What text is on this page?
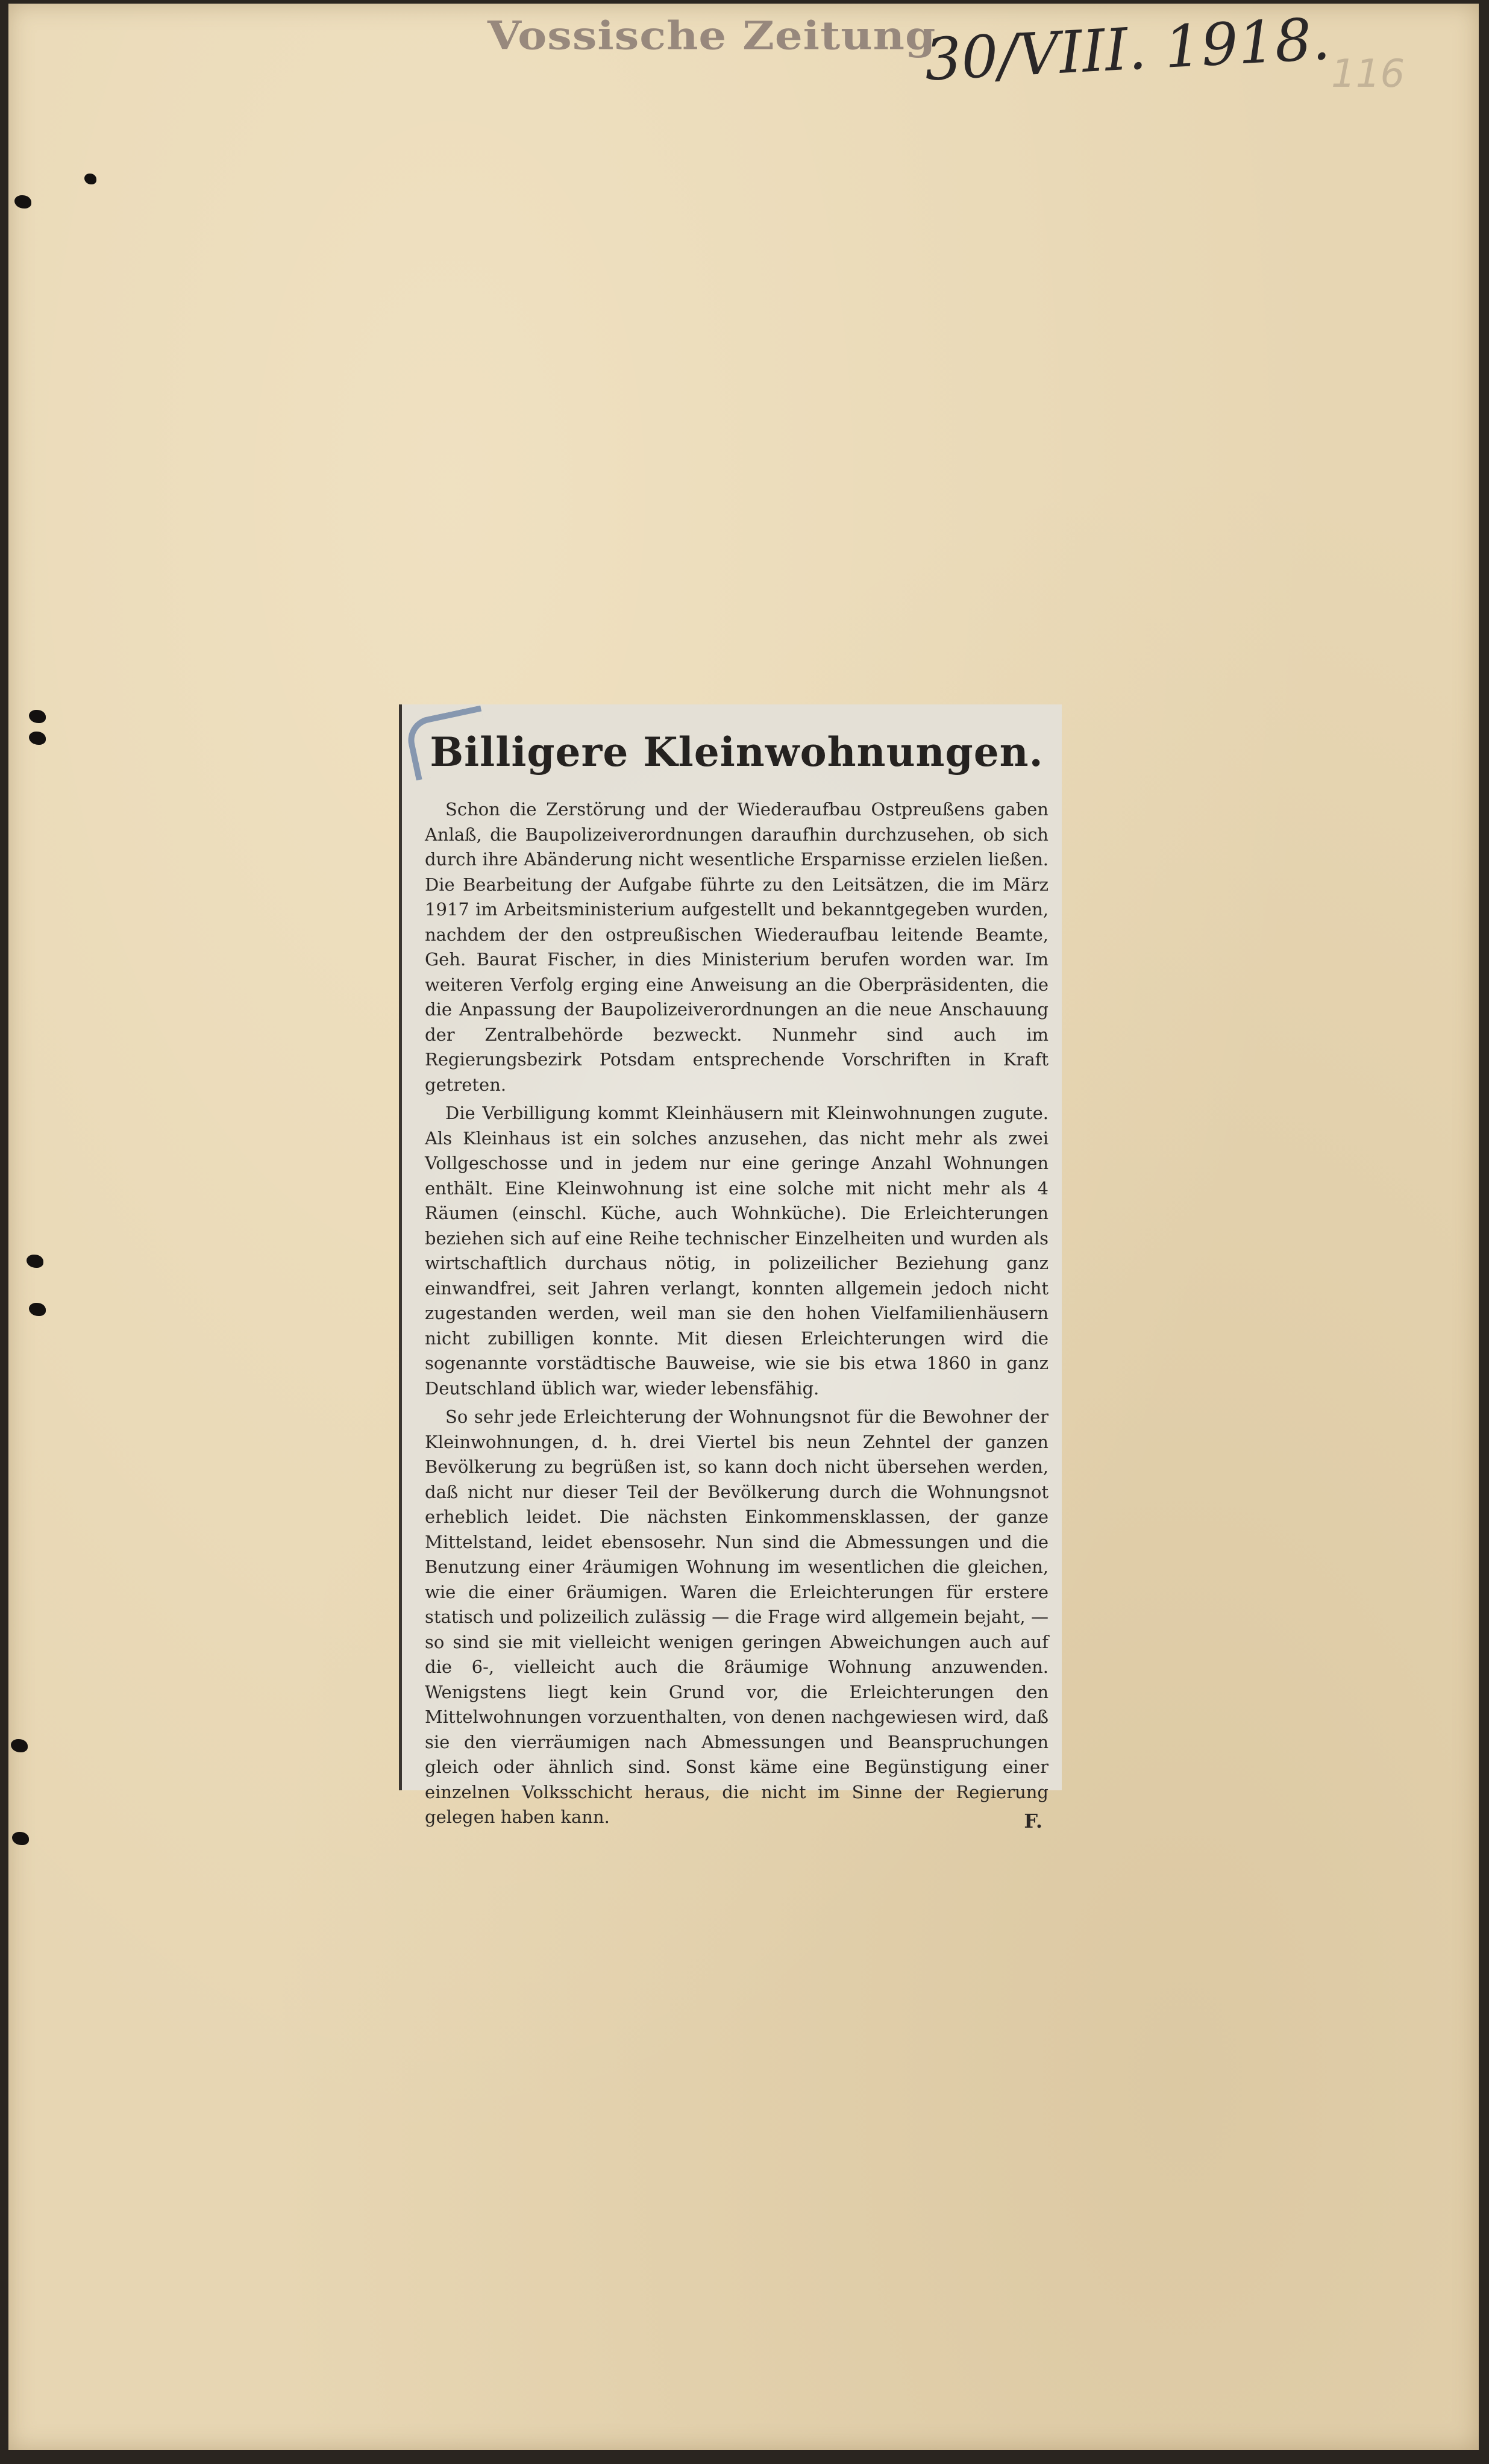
Vossische Zeitung
30/VIII. 1918. 116
Billigere Kleinwohnungen.

Schon die Zerstörung und der Wiederaufbau Ostpreußens gaben Anlaß, die Baupolizeiverordnungen daraufhin durchzusehen, ob sich durch ihre Abänderung nicht wesentliche Ersparnisse erzielen ließen. Die Bearbeitung der Aufgabe führte zu den Leitsätzen, die im März 1917 im Arbeitsministerium aufgestellt und bekanntgegeben wurden, nachdem der den ostpreußischen Wiederaufbau leitende Beamte, Geh. Baurat Fischer, in dies Ministerium berufen worden war. Im weiteren Verfolg erging eine Anweisung an die Oberpräsidenten, die die Anpassung der Baupolizeiverordnungen an die neue Anschauung der Zentralbehörde bezweckt. Nunmehr sind auch im Regierungsbezirk Potsdam entsprechende Vorschriften in Kraft getreten.

Die Verbilligung kommt Kleinhäusern mit Kleinwohnungen zugute. Als Kleinhaus ist ein solches anzusehen, das nicht mehr als zwei Vollgeschosse und in jedem nur eine geringe Anzahl Wohnungen enthält. Eine Kleinwohnung ist eine solche mit nicht mehr als 4 Räumen (einschl. Küche, auch Wohnküche). Die Erleichterungen beziehen sich auf eine Reihe technischer Einzelheiten und wurden als wirtschaftlich durchaus nötig, in polizeilicher Beziehung ganz einwandfrei, seit Jahren verlangt, konnten allgemein jedoch nicht zugestanden werden, weil man sie den hohen Vielfamilienhäusern nicht zubilligen konnte. Mit diesen Erleichterungen wird die sogenannte vorstädtische Bauweise, wie sie bis etwa 1860 in ganz Deutschland üblich war, wieder lebensfähig.

So sehr jede Erleichterung der Wohnungsnot für die Bewohner der Kleinwohnungen, d. h. drei Viertel bis neun Zehntel der ganzen Bevölkerung zu begrüßen ist, so kann doch nicht übersehen werden, daß nicht nur dieser Teil der Bevölkerung durch die Wohnungsnot erheblich leidet. Die nächsten Einkommensklassen, der ganze Mittelstand, leidet ebensosehr. Nun sind die Abmessungen und die Benutzung einer 4räumigen Wohnung im wesentlichen die gleichen, wie die einer 6räumigen. Waren die Erleichterungen für erstere statisch und polizeilich zulässig — die Frage wird allgemein bejaht, — so sind sie mit vielleicht wenigen geringen Abweichungen auch auf die 6-, vielleicht auch die 8räumige Wohnung anzuwenden. Wenigstens liegt kein Grund vor, die Erleichterungen den Mittelwohnungen vorzuenthalten, von denen nachgewiesen wird, daß sie den vierräumigen nach Abmessungen und Beanspruchungen gleich oder ähnlich sind. Sonst käme eine Begünstigung einer einzelnen Volksschicht heraus, die nicht im Sinne der Regierung gelegen haben kann.	F.
